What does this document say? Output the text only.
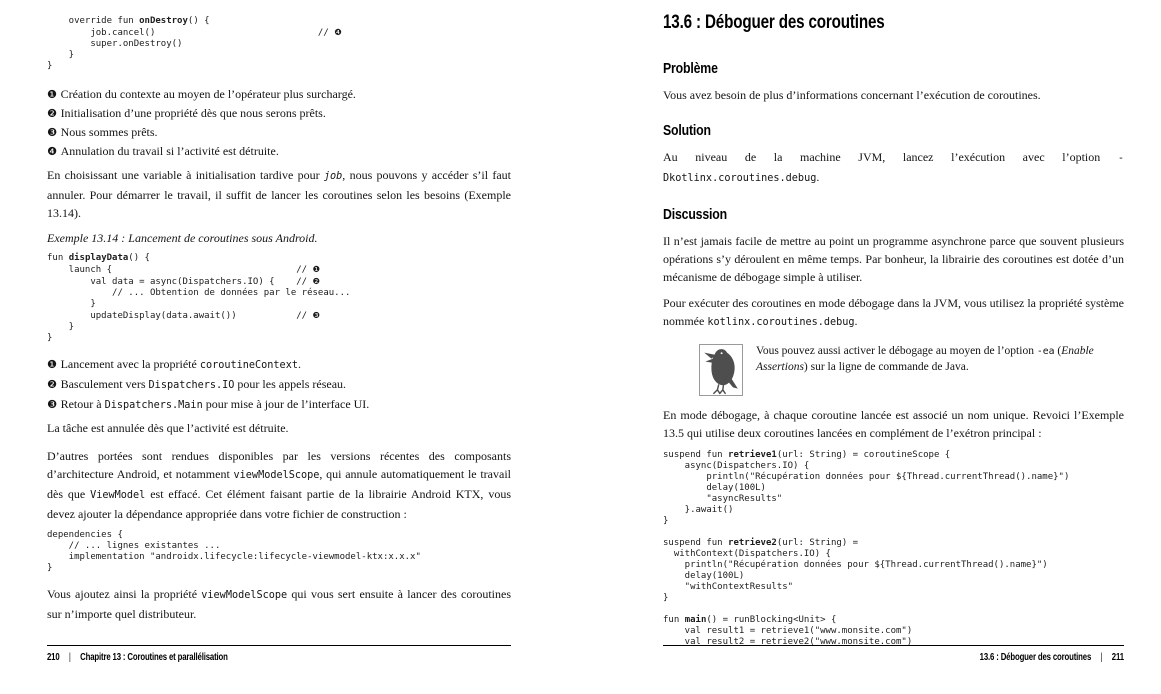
override fun onDestroy() {
job.cancel()                              // ❹
super.onDestroy()
}
}
❶ Création du contexte au moyen de l’opérateur plus surchargé.
❷ Initialisation d’une propriété dès que nous serons prêts.
❸ Nous sommes prêts.
❹ Annulation du travail si l’activité est détruite.

En choisissant une variable à initialisation tardive pour job, nous pouvons y accéder s’il faut annuler. Pour démarrer le travail, il suffit de lancer les coroutines selon les besoins (Exemple 13.14).

Exemple 13.14 : Lancement de coroutines sous Android.

fun displayData() {
launch {                                  // ❶
val data = async(Dispatchers.IO) {    // ❷
// ... Obtention de données par le réseau...
}
updateDisplay(data.await())           // ❸
}
}
❶ Lancement avec la propriété coroutineContext.
❷ Basculement vers Dispatchers.IO pour les appels réseau.
❸ Retour à Dispatchers.Main pour mise à jour de l’interface UI.

La tâche est annulée dès que l’activité est détruite.

D’autres portées sont rendues disponibles par les versions récentes des composants d’architecture Android, et notamment viewModelScope, qui annule automatiquement le travail dès que ViewModel est effacé. Cet élément faisant partie de la librairie Android KTX, vous devez ajouter la dépendance appropriée dans votre fichier de construction :

dependencies {
// ... lignes existantes ...
implementation "androidx.lifecycle:lifecycle-viewmodel-ktx:x.x.x"
}

Vous ajoutez ainsi la propriété viewModelScope qui vous sert ensuite à lancer des coroutines sur n’importe quel distributeur.

13.6 : Déboguer des coroutines
Problème

Vous avez besoin de plus d’informations concernant l’exécution de coroutines.

Solution

Au niveau de la machine JVM, lancez l’exécution avec l’option -Dkotlinx.coroutines.debug.

Discussion

Il n’est jamais facile de mettre au point un programme asynchrone parce que souvent plusieurs opérations s’y déroulent en même temps. Par bonheur, la librairie des coroutines est dotée d’un mécanisme de débogage simple à utiliser.

Pour exécuter des coroutines en mode débogage dans la JVM, vous utilisez la propriété système nommée kotlinx.coroutines.debug.

Vous pouvez aussi activer le débogage au moyen de l’option -ea (Enable Assertions) sur la ligne de commande de Java.

En mode débogage, à chaque coroutine lancée est associé un nom unique. Revoici l’Exemple 13.5 qui utilise deux coroutines lancées en complément de l’exétron principal :

suspend fun retrieve1(url: String) = coroutineScope {
async(Dispatchers.IO) {
println("Récupération données pour ${Thread.currentThread().name}")
delay(100L)
"asyncResults"
}.await()
}

suspend fun retrieve2(url: String) =
withContext(Dispatchers.IO) {
println("Récupération données pour ${Thread.currentThread().name}")
delay(100L)
"withContextResults"
}

fun main() = runBlocking<Unit> {
val result1 = retrieve1("www.monsite.com")
val result2 = retrieve2("www.monsite.com")
210 | Chapitre 13 : Coroutines et parallélisation	13.6 : Déboguer des coroutines | 211
